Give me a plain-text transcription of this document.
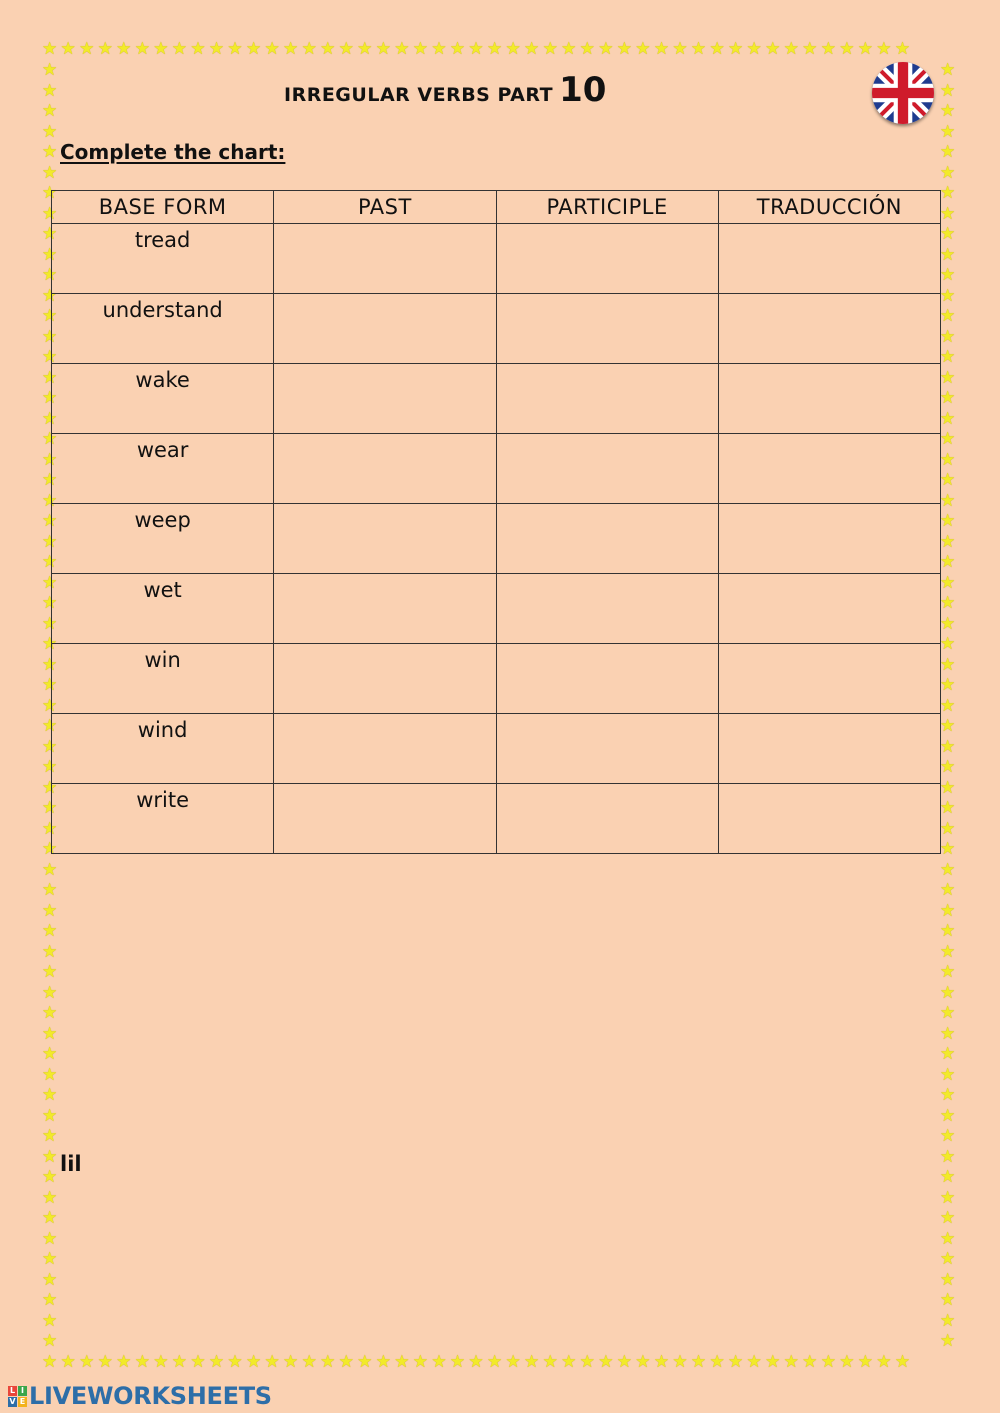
★★★★★★★★★★★★★★★★★★★★★★★★★★★★★★★★★★★★★★★★★★★★★★★
★★★★★★★★★★★★★★★★★★★★★★★★★★★★★★★★★★★★★★★★★★★★★★★
★★★★★★★★★★★★★★★★★★★★★★★★★★★★★★★★★★★★★★★★★★★★★★★★★★★★★★★★★★★★★★★
★★★★★★★★★★★★★★★★★★★★★★★★★★★★★★★★★★★★★★★★★★★★★★★★★★★★★★★★★★★★★★★
IRREGULAR VERBS PART 10
Complete the chart:
BASE FORM	PAST	PARTICIPLE	TRADUCCIÓN
tread			
understand			
wake			
wear			
weep			
wet			
win			
wind			
write			
lil
L I
V E LIVEWORKSHEETS
